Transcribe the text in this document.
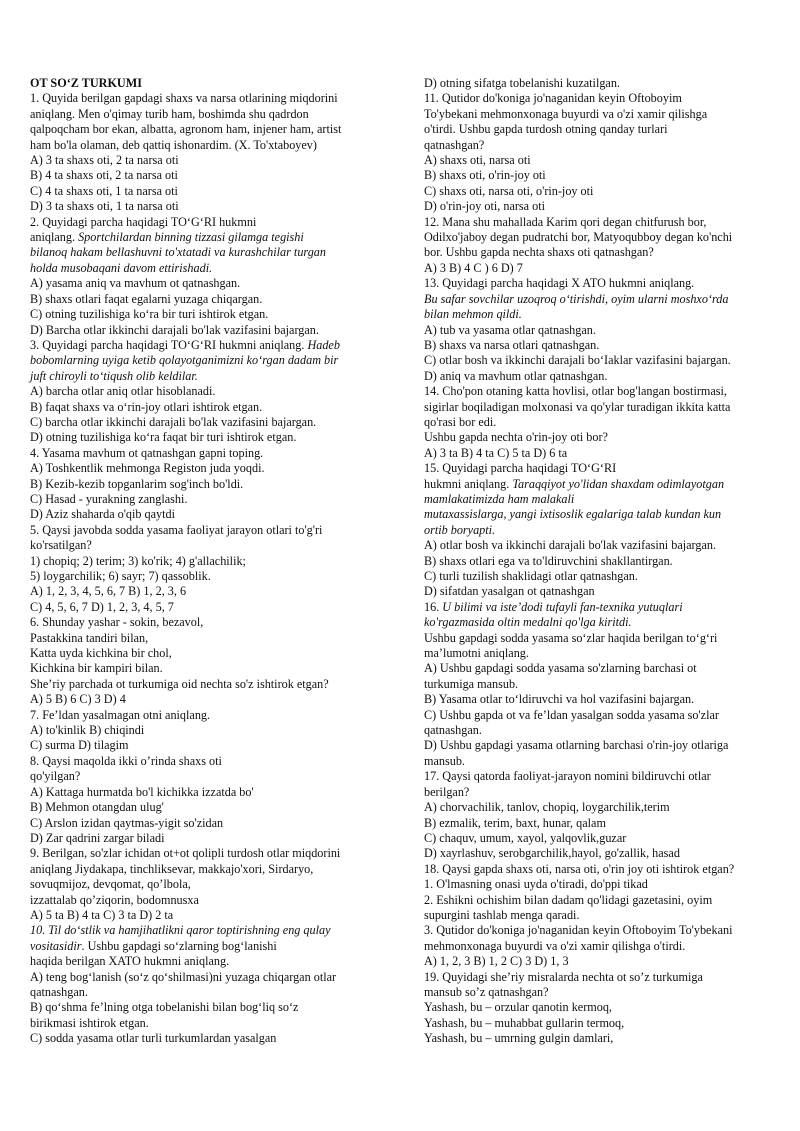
OT SOʻZ TURKUMI
1. Quyida berilgan gapdagi shaxs va narsa otlarining miqdorini
aniqlang. Men o'qimay turib ham, boshimda shu qadrdon
qalpoqcham bor ekan, albatta, agronom ham, injener ham, artist
ham bo'la olaman, deb qattiq ishonardim. (X. To'xtaboyev)
A) 3 ta shaxs oti, 2 ta narsa oti
B) 4 ta shaxs oti, 2 ta narsa oti
C) 4 ta shaxs oti, 1 ta narsa oti
D) 3 ta shaxs oti, 1 ta narsa oti
2. Quyidagi parcha haqidagi TOʻGʻRI hukmni
aniqlang. Sportchilardan binning tizzasi gilamga tegishi
bilanoq hakam bellashuvni to'xtatadi va kurashchilar turgan
holda musobaqani davom ettirishadi.
A) yasama aniq va mavhum ot qatnashgan.
B) shaxs otlari faqat egalarni yuzaga chiqargan.
C) otning tuzilishiga koʻra bir turi ishtirok etgan.
D) Barcha otlar ikkinchi darajali bo'lak vazifasini bajargan.
3. Quyidagi parcha haqidagi TOʻGʻRI hukmni aniqlang. Hadeb
bobomlarning uyiga ketib qolayotganimizni koʻrgan dadam bir
juft chiroyli toʻtiqush olib keldilar.
A) barcha otlar aniq otlar hisoblanadi.
B) faqat shaxs va oʻrin-joy otlari ishtirok etgan.
C) barcha otlar ikkinchi darajali bo'lak vazifasini bajargan.
D) otning tuzilishiga koʻra faqat bir turi ishtirok etgan.
4. Yasama mavhum ot qatnashgan gapni toping.
A) Toshkentlik mehmonga Registon juda yoqdi.
B) Kezib-kezib topganlarim sog'inch bo'ldi.
C) Hasad - yurakning zanglashi.
D) Aziz shaharda o'qib qaytdi
5. Qaysi javobda sodda yasama faoliyat jarayon otlari to'g'ri
ko'rsatilgan?
1) chopiq; 2) terim; 3) ko'rik; 4) g'allachilik;
5) loygarchilik; 6) sayr; 7) qassoblik.
A) 1, 2, 3, 4, 5, 6, 7 B) 1, 2, 3, 6
C) 4, 5, 6, 7 D) 1, 2, 3, 4, 5, 7
6. Shunday yashar - sokin, bezavol,
Pastakkina tandiri bilan,
Katta uyda kichkina bir chol,
Kichkina bir kampiri bilan.
She’riy parchada ot turkumiga oid nechta so'z ishtirok etgan?
A) 5 B) 6 C) 3 D) 4
7. Fe’ldan yasalmagan otni aniqlang.
A) to'kinlik B) chiqindi
C) surma D) tilagim
8. Qaysi maqolda ikki o’rinda shaxs oti
qo'yilgan?
A) Kattaga hurmatda bo'l kichikka izzatda bo'
B) Mehmon otangdan ulug'
C) Arslon izidan qaytmas-yigit so'zidan
D) Zar qadrini zargar biladi
9. Berilgan, so'zlar ichidan ot+ot qolipli turdosh otlar miqdorini
aniqlang Jiydakapa, tinchliksevar, makkajo'xori, Sirdaryo,
sovuqmijoz, devqomat, qo’lbola,
izzattalab qo’ziqorin, bodomnusxa
A) 5 ta B) 4 ta C) 3 ta D) 2 ta
10. Til doʻstlik va hamjihatlikni qaror toptirishning eng qulay
vositasidir. Ushbu gapdagi soʻzlarning bogʻlanishi
haqida berilgan XATO hukmni aniqlang.
A) teng bogʻlanish (soʻz qoʻshilmasi)ni yuzaga chiqargan otlar
qatnashgan.
B) qoʻshma feʼlning otga tobelanishi bilan bogʻliq soʻz
birikmasi ishtirok etgan.
C) sodda yasama otlar turli turkumlardan yasalgan
D) otning sifatga tobelanishi kuzatilgan.
11. Qutidor do'koniga jo'naganidan keyin Oftoboyim
To'ybekani mehmonxonaga buyurdi va o'zi xamir qilishga
o'tirdi. Ushbu gapda turdosh otning qanday turlari
qatnashgan?
A) shaxs oti, narsa oti
B) shaxs oti, o'rin-joy oti
C) shaxs oti, narsa oti, o'rin-joy oti
D) o'rin-joy oti, narsa oti
12. Mana shu mahallada Karim qori degan chitfurush bor,
Odilxo'jaboy degan pudratchi bor, Matyoqubboy degan ko'nchi
bor. Ushbu gapda nechta shaxs oti qatnashgan?
A) 3 B) 4 C ) 6 D) 7
13. Quyidagi parcha haqidagi X ATO hukmni aniqlang.
Bu safar sovchilar uzoqroq oʻtirishdi, oyim ularni moshxoʻrda
bilan mehmon qildi.
A) tub va yasama otlar qatnashgan.
B) shaxs va narsa otlari qatnashgan.
C) otlar bosh va ikkinchi darajali boʻIaklar vazifasini bajargan.
D) aniq va mavhum otlar qatnashgan.
14. Cho'pon otaning katta hovlisi, otlar bog'langan bostirmasi,
sigirlar boqiladigan molxonasi va qo'ylar turadigan ikkita katta
qo'rasi bor edi.
Ushbu gapda nechta o'rin-joy oti bor?
A) 3 ta B) 4 ta C) 5 ta D) 6 ta
15. Quyidagi parcha haqidagi TOʻGʻRI
hukmni aniqlang. Taraqqiyot yo'lidan shaxdam odimlayotgan
mamlakatimizda ham malakali
mutaxassislarga, yangi ixtisoslik egalariga talab kundan kun
ortib boryapti.
A) otlar bosh va ikkinchi darajali bo'lak vazifasini bajargan.
B) shaxs otlari ega va to'ldiruvchini shakllantirgan.
C) turli tuzilish shaklidagi otlar qatnashgan.
D) sifatdan yasalgan ot qatnashgan
16. U bilimi va iste’dodi tufayli fan-texnika yutuqlari
ko'rgazmasida oltin medalni qo'lga kiritdi.
Ushbu gapdagi sodda yasama soʻzlar haqida berilgan toʻgʻri
ma’lumotni aniqlang.
A) Ushbu gapdagi sodda yasama so'zlarning barchasi ot
turkumiga mansub.
B) Yasama otlar toʻldiruvchi va hol vazifasini bajargan.
C) Ushbu gapda ot va fe’ldan yasalgan sodda yasama so'zlar
qatnashgan.
D) Ushbu gapdagi yasama otlarning barchasi o'rin-joy otlariga
mansub.
17. Qaysi qatorda faoliyat-jarayon nomini bildiruvchi otlar
berilgan?
A) chorvachilik, tanlov, chopiq, loygarchilik,terim
B) ezmalik, terim, baxt, hunar, qalam
C) chaquv, umum, xayol, yalqovlik,guzar
D) xayrlashuv, serobgarchilik,hayol, go'zallik, hasad
18. Qaysi gapda shaxs oti, narsa oti, o'rin joy oti ishtirok etgan?
1. O'lmasning onasi uyda o'tiradi, do'ppi tikad
2. Eshikni ochishim bilan dadam qo'lidagi gazetasini, oyim
supurgini tashlab menga qaradi.
3. Qutidor do'koniga jo'naganidan keyin Oftoboyim To'ybekani
mehmonxonaga buyurdi va o'zi xamir qilishga o'tirdi.
A) 1, 2, 3 B) 1, 2 C) 3 D) 1, 3
19. Quyidagi she’riy misralarda nechta ot so’z turkumiga
mansub so’z qatnashgan?
Yashash, bu – orzular qanotin kermoq,
Yashash, bu – muhabbat gullarin termoq,
Yashash, bu – umrning gulgin damlari,
